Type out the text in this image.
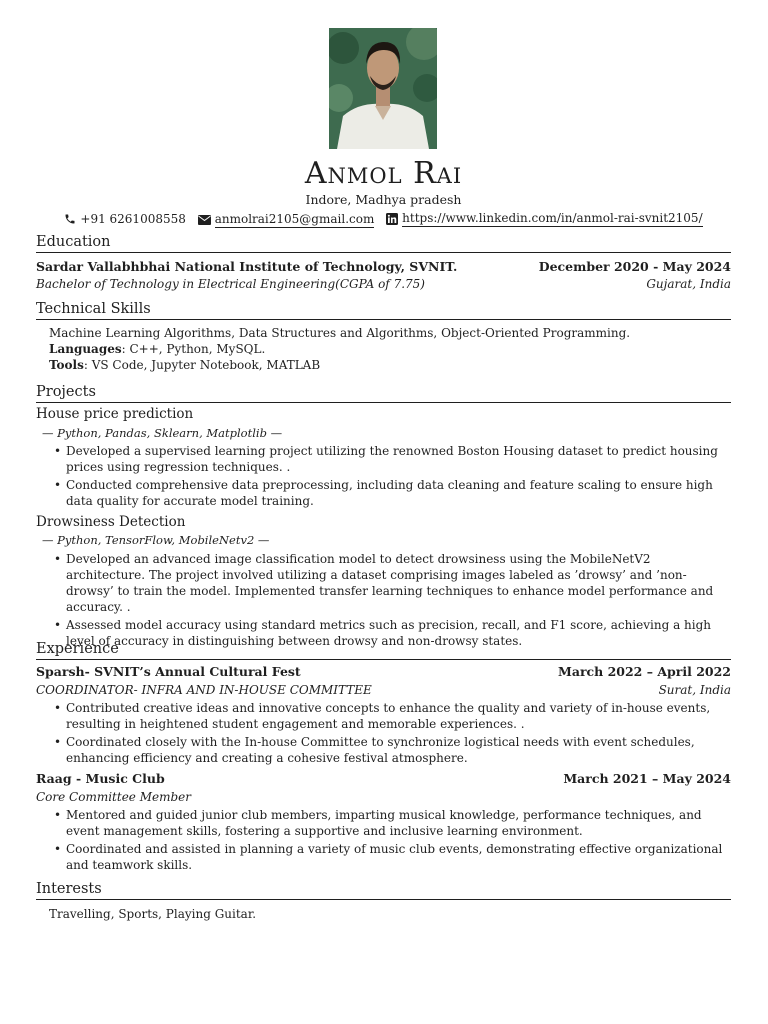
Anmol Rai
Indore, Madhya pradesh
+91 6261008558
anmolrai2105@gmail.com
https://www.linkedin.com/in/anmol-rai-svnit2105/
Education
Sardar Vallabhbhai National Institute of Technology, SVNIT.	December 2020 - May 2024
Bachelor of Technology in Electrical Engineering(CGPA of 7.75)	Gujarat, India
Technical Skills
Machine Learning Algorithms, Data Structures and Algorithms, Object-Oriented Programming.
Languages: C++, Python, MySQL.
Tools: VS Code, Jupyter Notebook, MATLAB
Projects
House price prediction
— Python, Pandas, Sklearn, Matplotlib —
• Developed a supervised learning project utilizing the renowned Boston Housing dataset to predict housing prices using regression techniques. .
• Conducted comprehensive data preprocessing, including data cleaning and feature scaling to ensure high data quality for accurate model training.
Drowsiness Detection
— Python, TensorFlow, MobileNetv2 —
• Developed an advanced image classification model to detect drowsiness using the MobileNetV2 architecture. The project involved utilizing a dataset comprising images labeled as ’drowsy’ and ’non-drowsy’ to train the model. Implemented transfer learning techniques to enhance model performance and accuracy. .
• Assessed model accuracy using standard metrics such as precision, recall, and F1 score, achieving a high level of accuracy in distinguishing between drowsy and non-drowsy states.
Experience
Sparsh- SVNIT’s Annual Cultural Fest	March 2022 – April 2022
COORDINATOR- INFRA AND IN-HOUSE COMMITTEE	Surat, India
• Contributed creative ideas and innovative concepts to enhance the quality and variety of in-house events, resulting in heightened student engagement and memorable experiences. .
• Coordinated closely with the In-house Committee to synchronize logistical needs with event schedules, enhancing efficiency and creating a cohesive festival atmosphere.
Raag - Music Club	March 2021 – May 2024
Core Committee Member
• Mentored and guided junior club members, imparting musical knowledge, performance techniques, and event management skills, fostering a supportive and inclusive learning environment.
• Coordinated and assisted in planning a variety of music club events, demonstrating effective organizational and teamwork skills.
Interests
Travelling, Sports, Playing Guitar.
